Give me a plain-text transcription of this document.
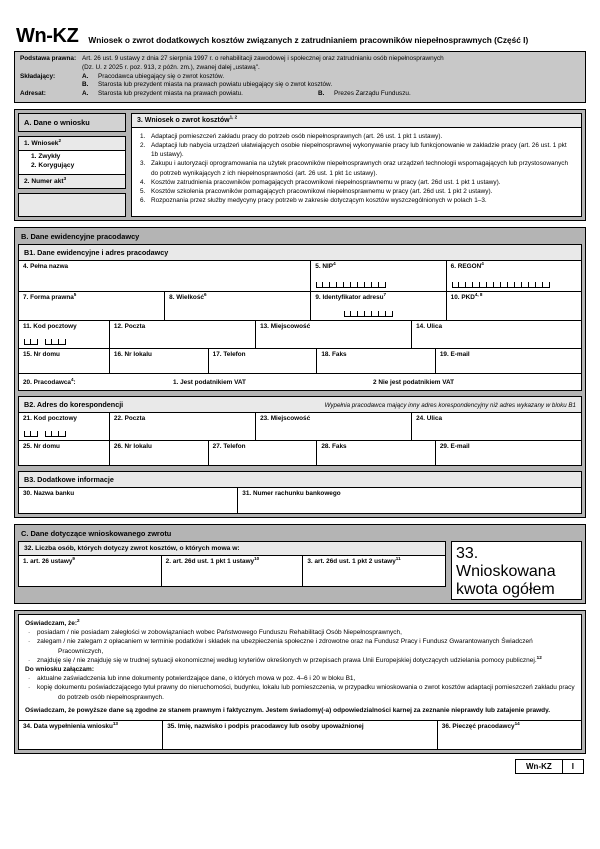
Wn-KZ Wniosek o zwrot dodatkowych kosztów związanych z zatrudnianiem pracowników niepełnosprawnych (Część I)
Podstawa prawna: Art. 26 ust. 9 ustawy z dnia 27 sierpnia 1997 r. o rehabilitacji zawodowej i społecznej oraz zatrudnianiu osób niepełnosprawnych
(Dz. U. z 2025 r. poz. 913, z późn. zm.), zwanej dalej „ustawą".
Składający:	A.	Pracodawca ubiegający się o zwrot kosztów.
B.	Starosta lub prezydent miasta na prawach powiatu ubiegający się o zwrot kosztów.
Adresat:	A.	Starosta lub prezydent miasta na prawach powiatu.	B.	Prezes Zarządu Funduszu.
A. Dane o wniosku
1. Wniosek$^2$
1. Zwykły
2. Korygujący
2. Numer akt$^3$
3. Wniosek o zwrot kosztów$^{1, 2}$
1. Adaptacji pomieszczeń zakładu pracy do potrzeb osób niepełnosprawnych (art. 26 ust. 1 pkt 1 ustawy).
2. Adaptacji lub nabycia urządzeń ułatwiających osobie niepełnosprawnej wykonywanie pracy lub funkcjonowanie w zakładzie pracy (art. 26 ust. 1 pkt 1b ustawy).
3. Zakupu i autoryzacji oprogramowania na użytek pracowników niepełnosprawnych oraz urządzeń technologii wspomagających lub przystosowanych do potrzeb wynikających z ich niepełnosprawności (art. 26 ust. 1 pkt 1c ustawy).
4. Kosztów zatrudnienia pracowników pomagających pracownikowi niepełnosprawnemu w pracy (art. 26d ust. 1 pkt 1 ustawy).
5. Kosztów szkolenia pracowników pomagających pracownikowi niepełnosprawnemu w pracy (art. 26d ust. 1 pkt 2 ustawy).
6. Rozpoznania przez służby medycyny pracy potrzeb w zakresie dotyczącym kosztów wyszczególnionych w polach 1–3.
B. Dane ewidencyjne pracodawcy
B1. Dane ewidencyjne i adres pracodawcy
4. Pełna nazwa	5. NIP$^4$	6. REGON$^4$
7. Forma prawna$^5$	8. Wielkość$^6$	9. Identyfikator adresu$^7$	10. PKD$^{4, 8}$
11. Kod pocztowy	12. Poczta	13. Miejscowość	14. Ulica
15. Nr domu	16. Nr lokalu	17. Telefon	18. Faks	19. E-mail
20. Pracodawca$^4$:	1. Jest podatnikiem VAT	2 Nie jest podatnikiem VAT
B2. Adres do korespondencji	Wypełnia pracodawca mający inny adres korespondencyjny niż adres wykazany w bloku B1
21. Kod pocztowy	22. Poczta	23. Miejscowość	24. Ulica
25. Nr domu	26. Nr lokalu	27. Telefon	28. Faks	29. E-mail
B3. Dodatkowe informacje
30. Nazwa banku	31. Numer rachunku bankowego
C. Dane dotyczące wnioskowanego zwrotu
32. Liczba osób, których dotyczy zwrot kosztów, o których mowa w:
1. art. 26 ustawy$^9$	2. art. 26d ust. 1 pkt 1 ustawy$^{10}$	3. art. 26d ust. 1 pkt 2 ustawy$^{11}$	33. Wnioskowana kwota ogółem
Oświadczam, że:$^2$
·	posiadam / nie posiadam zaległości w zobowiązaniach wobec Państwowego Funduszu Rehabilitacji Osób Niepełnosprawnych,
·	zalegam / nie zalegam z opłacaniem w terminie podatków i składek na ubezpieczenia społeczne i zdrowotne oraz na Fundusz Pracy i Fundusz Gwarantowanych Świadczeń Pracowniczych,
·	znajduję się / nie znajduję się w trudnej sytuacji ekonomicznej według kryteriów określonych w przepisach prawa Unii Europejskiej dotyczących udzielania pomocy publicznej.$^{12}$
Do wniosku załączam:
·	aktualne zaświadczenia lub inne dokumenty potwierdzające dane, o których mowa w poz. 4–6 i 20 w bloku B1,
·	kopię dokumentu poświadczającego tytuł prawny do nieruchomości, budynku, lokalu lub pomieszczenia, w przypadku wnioskowania o zwrot kosztów adaptacji pomieszczeń zakładu pracy do potrzeb osób niepełnosprawnych.
Oświadczam, że powyższe dane są zgodne ze stanem prawnym i faktycznym. Jestem świadomy(-a) odpowiedzialności karnej za zeznanie nieprawdy lub zatajenie prawdy.
34. Data wypełnienia wniosku$^{13}$	35. Imię, nazwisko i podpis pracodawcy lub osoby upoważnionej	36. Pieczęć pracodawcy$^{14}$
Wn-KZ	I
